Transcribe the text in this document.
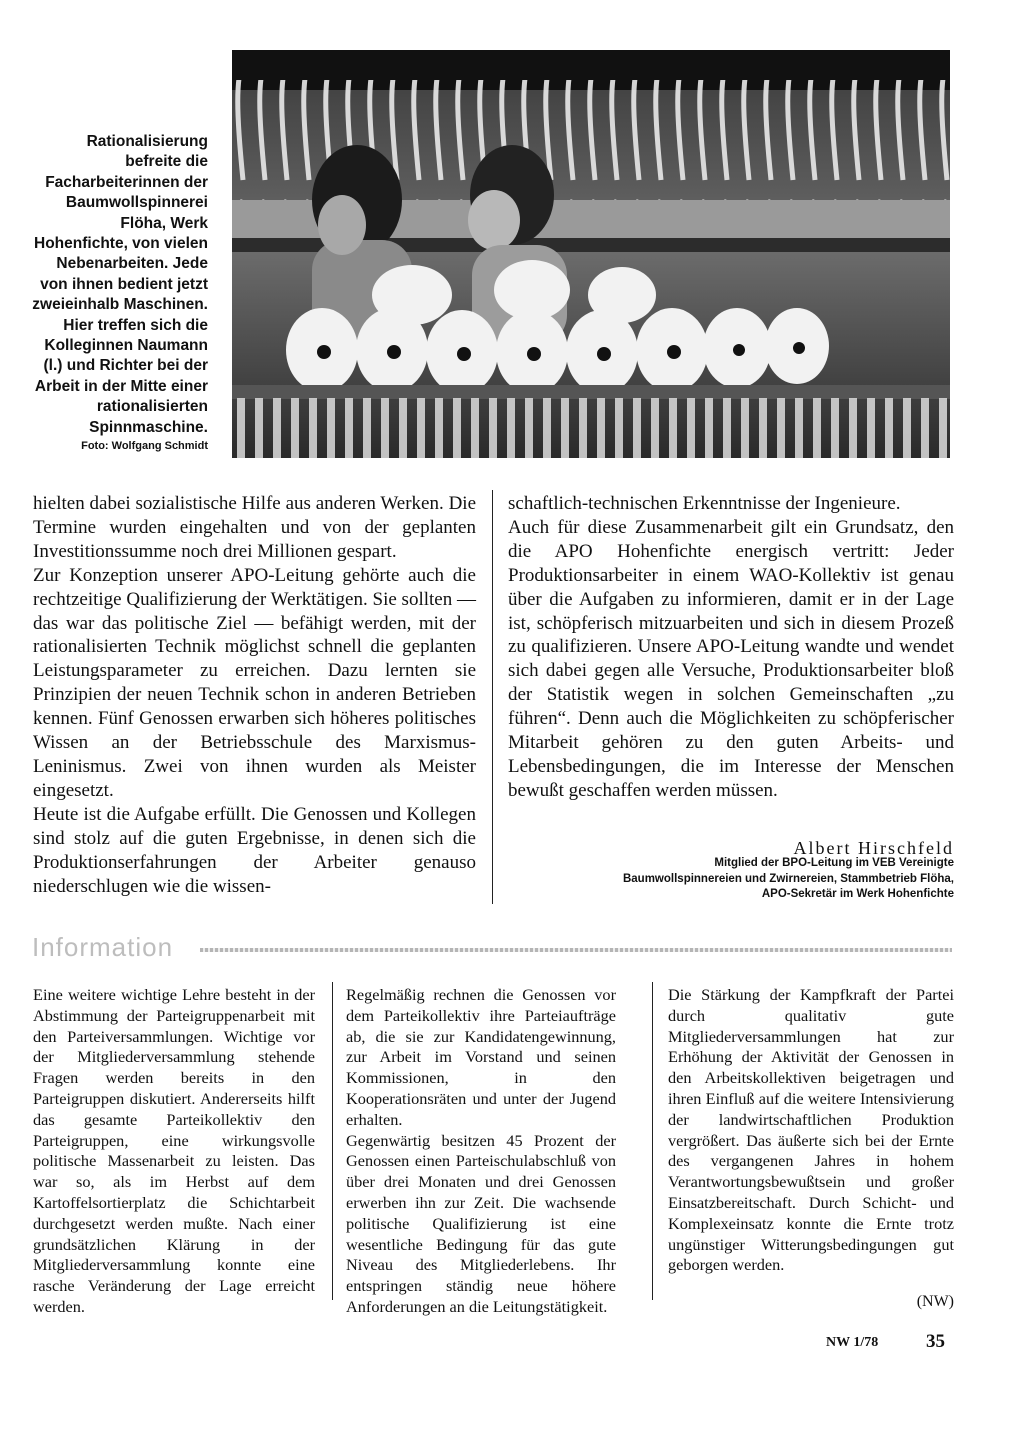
Rationalisierung befreite die Facharbeiterinnen der Baumwollspinnerei Flöha, Werk Hohenfichte, von vielen Nebenarbeiten. Jede von ihnen bedient jetzt zweieinhalb Maschinen. Hier treffen sich die Kolleginnen Naumann (l.) und Richter bei der Arbeit in der Mitte einer rationalisierten Spinnmaschine.
Foto: Wolfgang Schmidt

hielten dabei sozialistische Hilfe aus anderen Werken. Die Termine wurden eingehalten und von der geplanten Investitionssumme noch drei Millionen gespart.

Zur Konzeption unserer APO-Leitung gehörte auch die rechtzeitige Qualifizierung der Werktätigen. Sie sollten — das war das politische Ziel — befähigt werden, mit der rationalisierten Technik möglichst schnell die geplanten Leistungsparameter zu erreichen. Dazu lernten sie Prinzipien der neuen Technik schon in anderen Betrieben kennen. Fünf Genossen erwarben sich höheres politisches Wissen an der Betriebsschule des Marxismus-Leninismus. Zwei von ihnen wurden als Meister eingesetzt.

Heute ist die Aufgabe erfüllt. Die Genossen und Kollegen sind stolz auf die guten Ergebnisse, in denen sich die Produktionserfahrungen der Arbeiter genauso niederschlugen wie die wissen-

schaftlich-technischen Erkenntnisse der Ingenieure.

Auch für diese Zusammenarbeit gilt ein Grundsatz, den die APO Hohenfichte energisch vertritt: Jeder Produktionsarbeiter in einem WAO-Kollektiv ist genau über die Aufgaben zu informieren, damit er in der Lage ist, schöpferisch mitzuarbeiten und sich in diesem Prozeß zu qualifizieren. Unsere APO-Leitung wandte und wendet sich dabei gegen alle Versuche, Produktionsarbeiter bloß der Statistik wegen in solchen Gemeinschaften „zu führen“. Denn auch die Möglichkeiten zu schöpferischer Mitarbeit gehören zu den guten Arbeits- und Lebensbedingungen, die im Interesse der Menschen bewußt geschaffen werden müssen.

Albert Hirschfeld
Mitglied der BPO-Leitung im VEB Vereinigte
Baumwollspinnereien und Zwirnereien, Stammbetrieb Flöha,
APO-Sekretär im Werk Hohenfichte
Information

Eine weitere wichtige Lehre besteht in der Abstimmung der Parteigruppenarbeit mit den Parteiversammlungen. Wichtige vor der Mitgliederversammlung stehende Fragen werden bereits in den Parteigruppen diskutiert. Andererseits hilft das gesamte Parteikollektiv den Parteigruppen, eine wirkungsvolle politische Massenarbeit zu leisten. Das war so, als im Herbst auf dem Kartoffelsortierplatz die Schichtarbeit durchgesetzt werden mußte. Nach einer grundsätzlichen Klärung in der Mitgliederversammlung konnte eine rasche Veränderung der Lage erreicht werden.

Regelmäßig rechnen die Genossen vor dem Parteikollektiv ihre Parteiaufträge ab, die sie zur Kandidatengewinnung, zur Arbeit im Vorstand und seinen Kommissionen, in den Kooperationsräten und unter der Jugend erhalten.

Gegenwärtig besitzen 45 Prozent der Genossen einen Parteischulabschluß von über drei Monaten und drei Genossen erwerben ihn zur Zeit. Die wachsende politische Qualifizierung ist eine wesentliche Bedingung für das gute Niveau des Mitgliederlebens. Ihr entspringen ständig neue höhere Anforderungen an die Leitungstätigkeit.

Die Stärkung der Kampfkraft der Partei durch qualitativ gute Mitgliederversammlungen hat zur Erhöhung der Aktivität der Genossen in den Arbeitskollektiven beigetragen und ihren Einfluß auf die weitere Intensivierung der landwirtschaftlichen Produktion vergrößert. Das äußerte sich bei der Ernte des vergangenen Jahres in hohem Verantwortungsbewußtsein und großer Einsatzbereitschaft. Durch Schicht- und Komplexeinsatz konnte die Ernte trotz ungünstiger Witterungsbedingungen gut geborgen werden.

(NW)
NW 1/78	35
